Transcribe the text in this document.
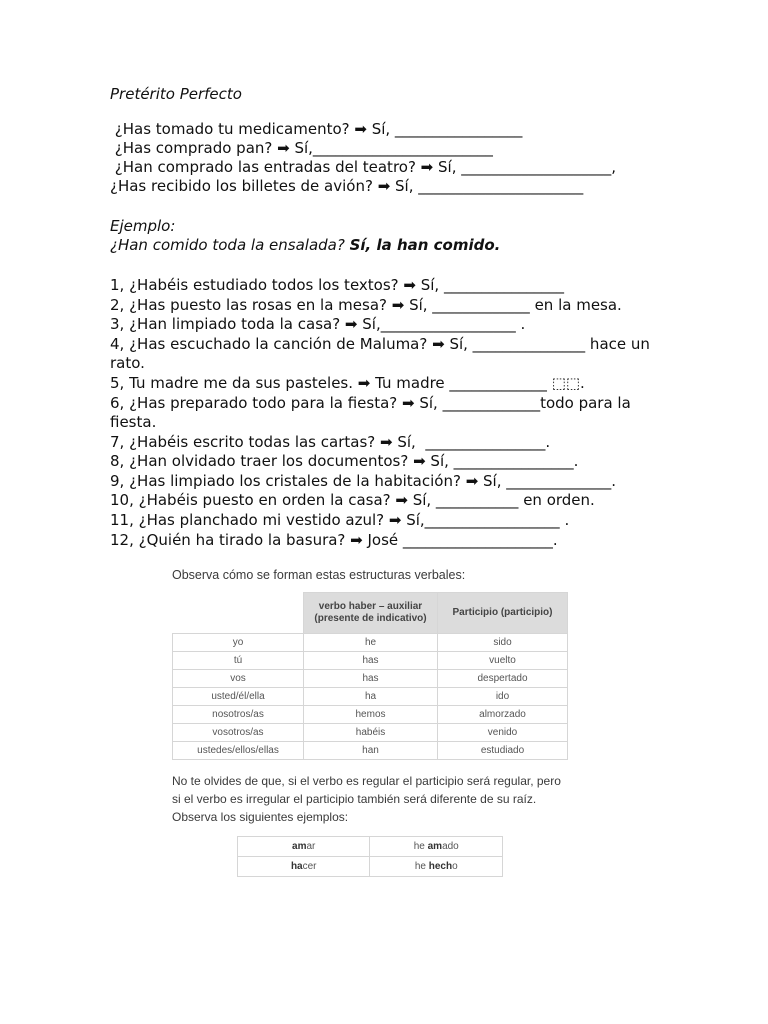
Pretérito Perfecto
¿Has tomado tu medicamento? ➡ Sí, _________________
¿Has comprado pan? ➡ Sí,________________________
¿Han comprado las entradas del teatro? ➡ Sí, ____________________,
¿Has recibido los billetes de avión? ➡ Sí, ______________________
Ejemplo:
¿Han comido toda la ensalada? Sí, la han comido.
1, ¿Habéis estudiado todos los textos? ➡ Sí, ________________
2, ¿Has puesto las rosas en la mesa? ➡ Sí, _____________ en la mesa.
3, ¿Han limpiado toda la casa? ➡ Sí,__________________ .
4, ¿Has escuchado la canción de Maluma? ➡ Sí, _______________ hace un rato.
5, Tu madre me da sus pasteles. ➡ Tu madre _____________ ⬚⬚.
6, ¿Has preparado todo para la fiesta? ➡ Sí, _____________todo para la fiesta.
7, ¿Habéis escrito todas las cartas? ➡ Sí,  ________________.
8, ¿Han olvidado traer los documentos? ➡ Sí, ________________.
9, ¿Has limpiado los cristales de la habitación? ➡ Sí, ______________.
10, ¿Habéis puesto en orden la casa? ➡ Sí, ___________ en orden.
11, ¿Has planchado mi vestido azul? ➡ Sí,__________________ .
12, ¿Quién ha tirado la basura? ➡ José ____________________.
Observa cómo se forman estas estructuras verbales:
	verbo haber – auxiliar (presente de indicativo)	Participio (participio)
yo	he	sido
tú	has	vuelto
vos	has	despertado
usted/él/ella	ha	ido
nosotros/as	hemos	almorzado
vosotros/as	habéis	venido
ustedes/ellos/ellas	han	estudiado
No te olvides de que, si el verbo es regular el participio será regular, pero si el verbo es irregular el participio también será diferente de su raíz. Observa los siguientes ejemplos:
amar	he amado
hacer	he hecho
